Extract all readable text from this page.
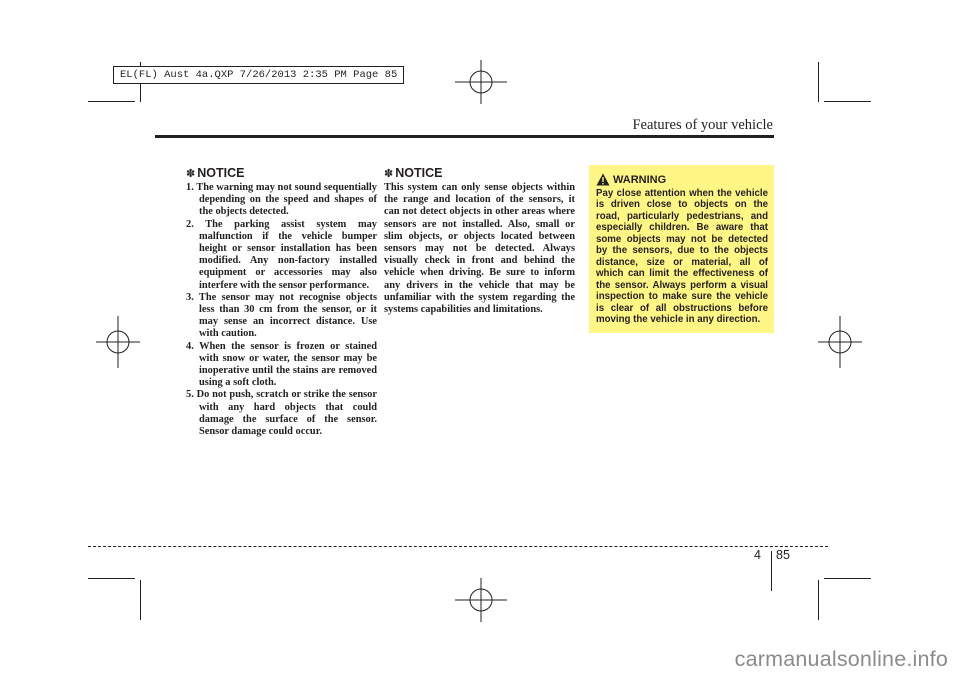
EL(FL) Aust 4a.QXP 7/26/2013 2:35 PM Page 85
Features of your vehicle
✽ NOTICE
1. The warning may not sound sequentially depending on the speed and shapes of the objects detected.
2. The parking assist system may malfunction if the vehicle bumper height or sensor installation has been modified. Any non-factory installed equipment or accessories may also interfere with the sensor performance.
3. The sensor may not recognise objects less than 30 cm from the sensor, or it may sense an incorrect distance. Use with caution.
4. When the sensor is frozen or stained with snow or water, the sensor may be inoperative until the stains are removed using a soft cloth.
5. Do not push, scratch or strike the sensor with any hard objects that could damage the surface of the sensor. Sensor damage could occur.
✽ NOTICE
This system can only sense objects within the range and location of the sensors, it can not detect objects in other areas where sensors are not installed. Also, small or slim objects, or objects located between sensors may not be detected. Always visually check in front and behind the vehicle when driving. Be sure to inform any drivers in the vehicle that may be unfamiliar with the system regarding the systems capabilities and limitations.
WARNING
Pay close attention when the vehicle is driven close to objects on the road, particularly pedestrians, and especially children. Be aware that some objects may not be detected by the sensors, due to the objects distance, size or material, all of which can limit the effectiveness of the sensor. Always perform a visual inspection to make sure the vehicle is clear of all obstructions before moving the vehicle in any direction.
4 85
carmanualsonline.info
